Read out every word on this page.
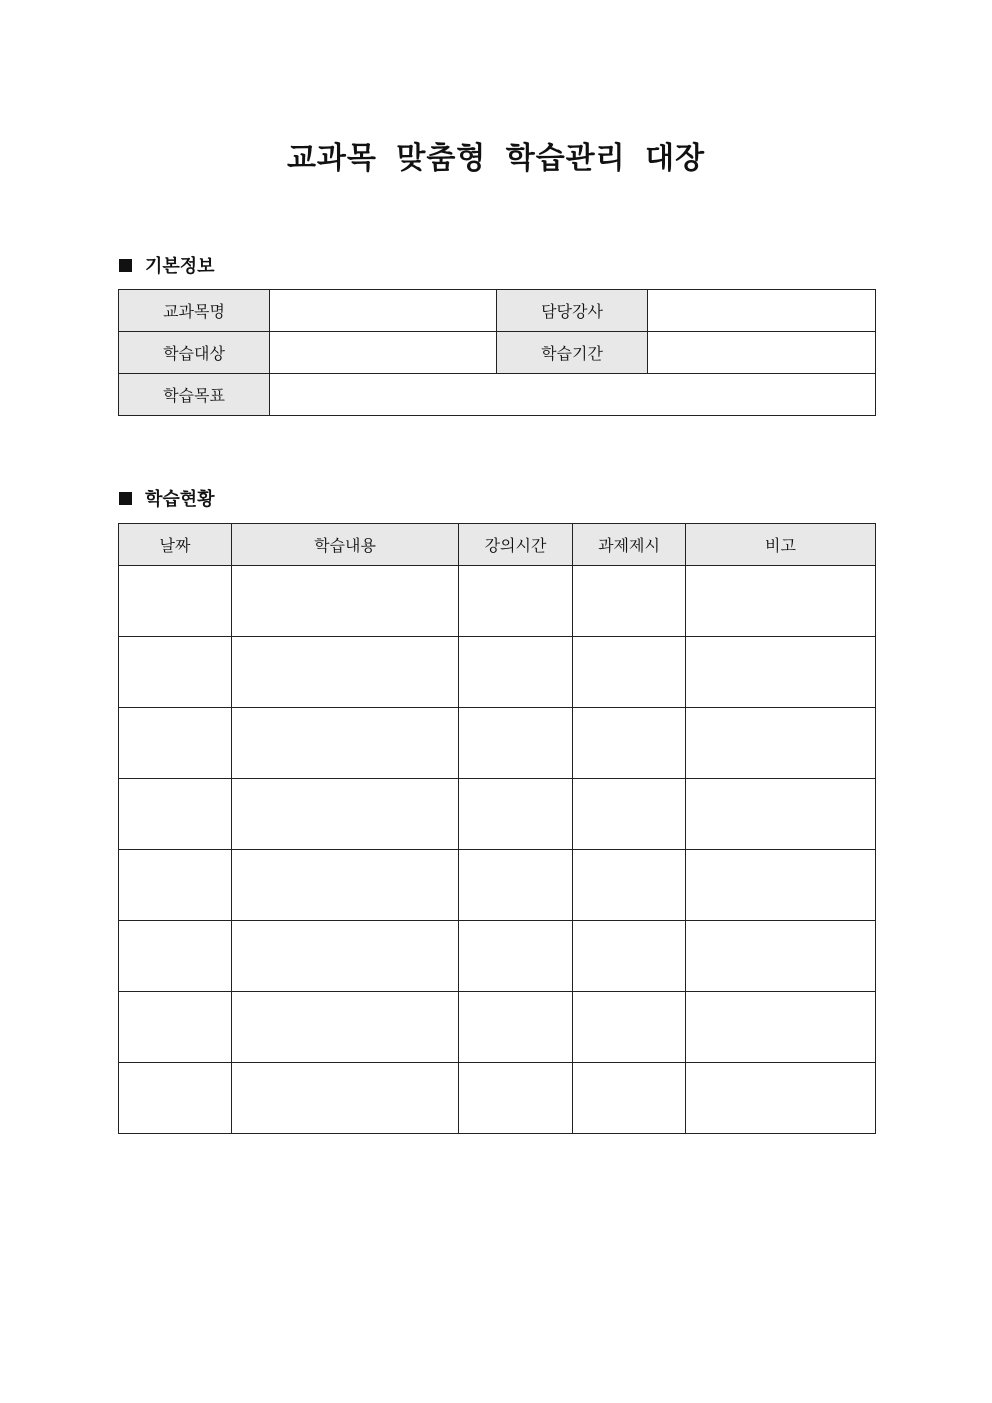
교과목 맞춤형 학습관리 대장
기본정보
교과목명		담당강사	
학습대상		학습기간	
학습목표			
학습현황
날짜	학습내용	강의시간	과제제시	비고
